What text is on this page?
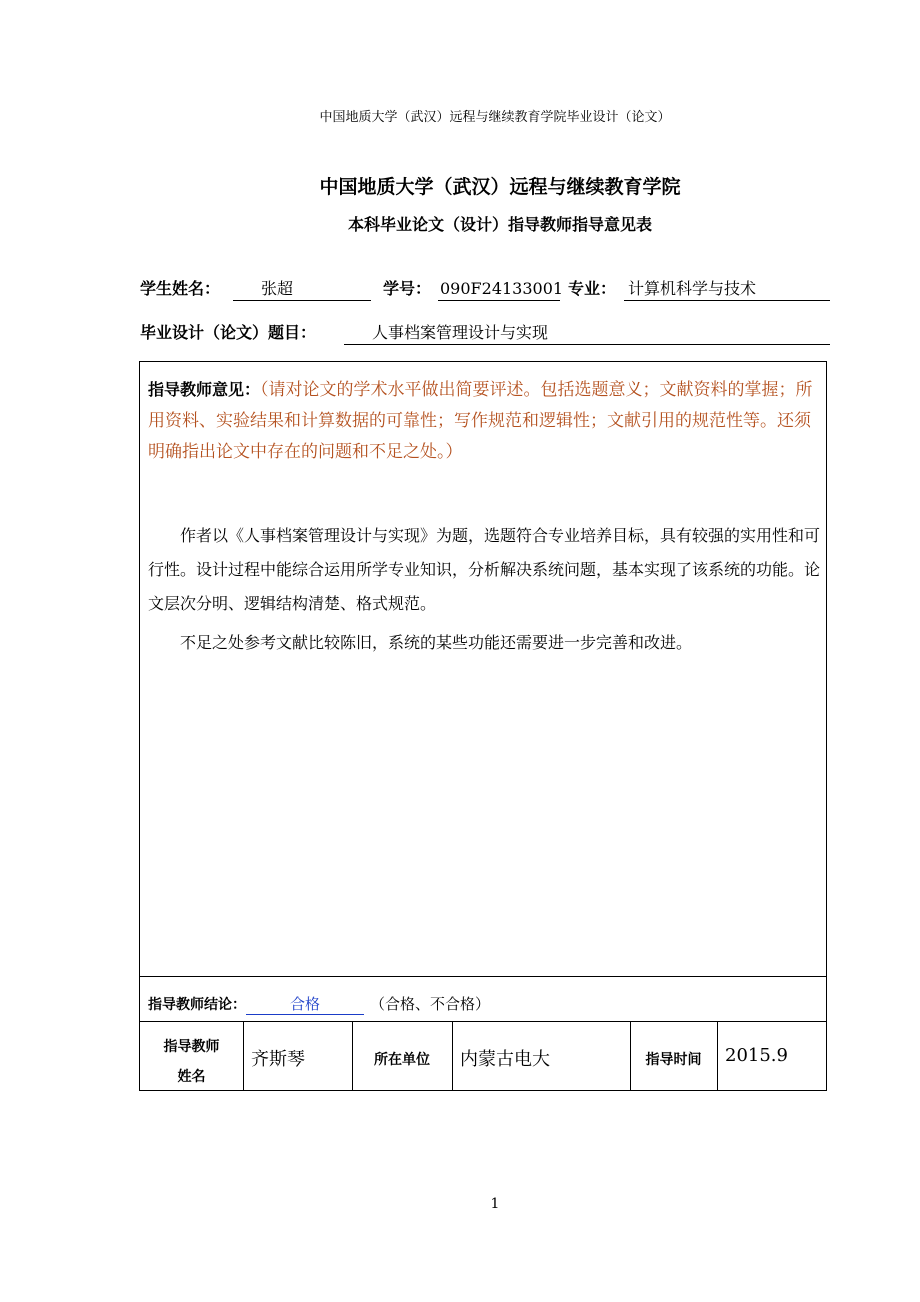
中国地质大学（武汉）远程与继续教育学院毕业设计（论文）
中国地质大学（武汉）远程与继续教育学院
本科毕业论文（设计）指导教师指导意见表
学生姓名：	张超	学号： 090F24133001 专业： 计算机科学与技术
毕业设计（论文）题目：	人事档案管理设计与实现
指导教师意见：（请对论文的学术水平做出简要评述。包括选题意义；文献资料的掌握；所用资料、实验结果和计算数据的可靠性；写作规范和逻辑性；文献引用的规范性等。还须明确指出论文中存在的问题和不足之处。）
作者以《人事档案管理设计与实现》为题，选题符合专业培养目标，具有较强的实用性和可行性。设计过程中能综合运用所学专业知识，分析解决系统问题，基本实现了该系统的功能。论文层次分明、逻辑结构清楚、格式规范。
不足之处参考文献比较陈旧，系统的某些功能还需要进一步完善和改进。
指导教师结论：	合格	（合格、不合格）
指导教师
姓名
齐斯琴	所在单位	内蒙古电大	指导时间	2015.9
1
